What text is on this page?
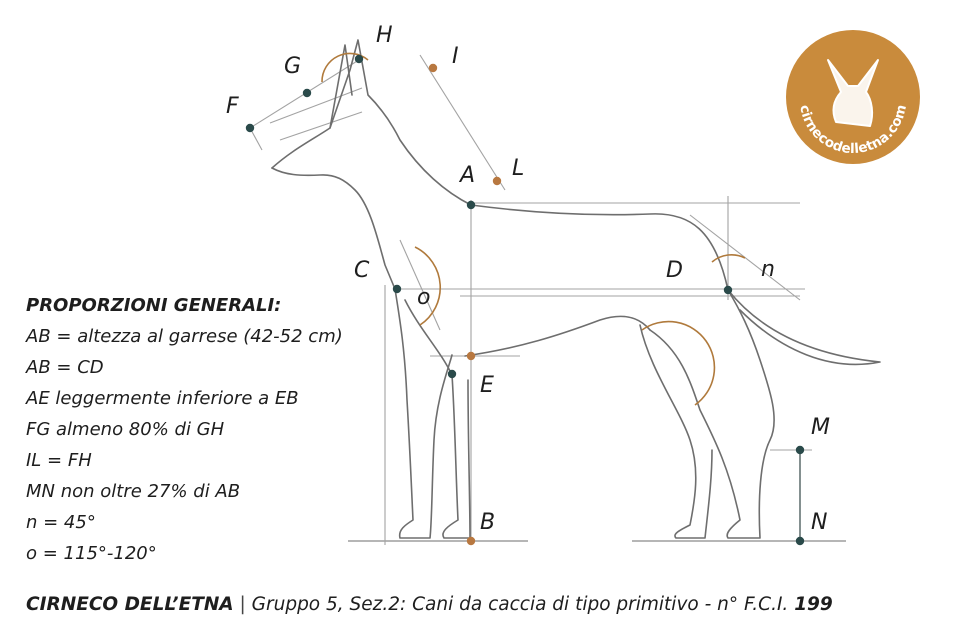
F
G
H
I
L
A
C
o
E
B
D	n
M
N
cirnecodelletna.com
PROPORZIONI GENERALI:
AB = altezza al garrese (42-52 cm)
AB = CD
AE leggermente inferiore a EB
FG almeno 80% di GH
IL = FH
MN non oltre 27% di AB
n = 45°
o = 115°-120°
CIRNECO DELL’ETNA | Gruppo 5, Sez.2: Cani da caccia di tipo primitivo - n° F.C.I. 199
